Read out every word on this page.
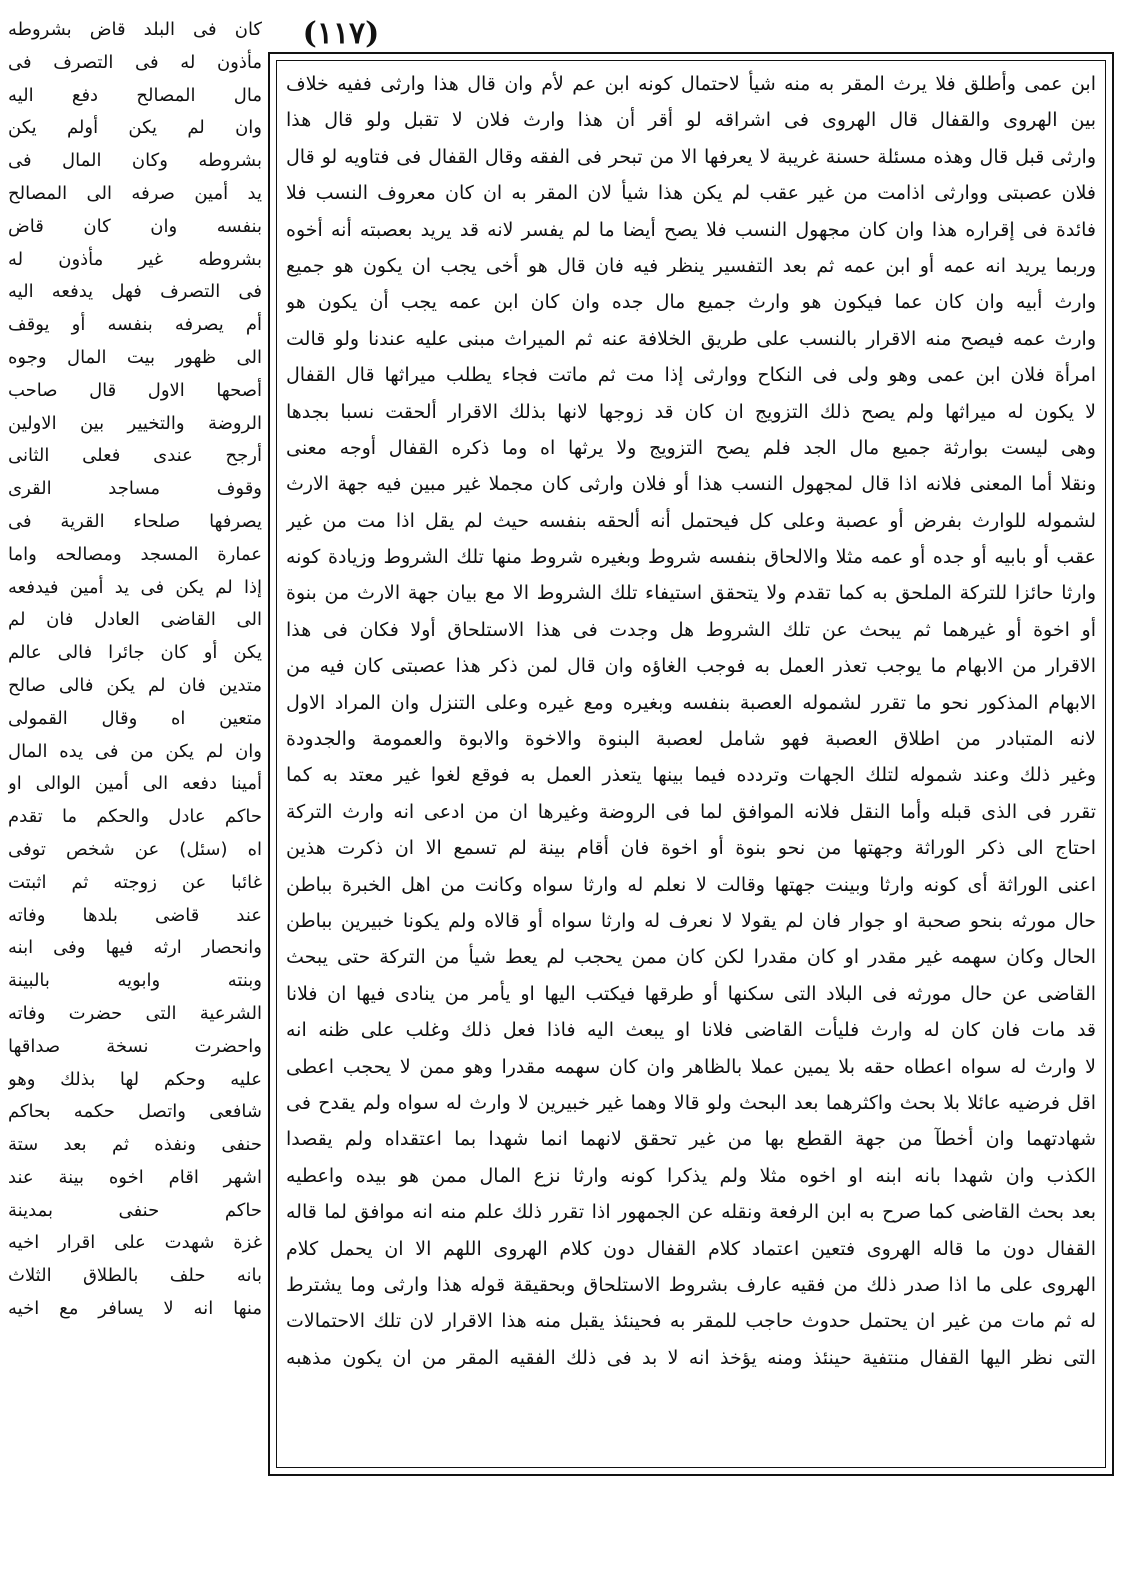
(١١٧)
ابن عمى وأطلق فلا يرث المقر به منه شيأ لاحتمال كونه ابن عم لأم وان قال هذا وارثى ففيه خلاف
بين الهروى والقفال قال الهروى فى اشراقه لو أقر أن هذا وارث فلان لا تقبل ولو قال هذا
وارثى قبل قال وهذه مسئلة حسنة غريبة لا يعرفها الا من تبحر فى الفقه وقال القفال فى فتاويه لو قال
فلان عصبتى ووارثى اذامت من غير عقب لم يكن هذا شيأ لان المقر به ان كان معروف النسب فلا
فائدة فى إقراره هذا وان كان مجهول النسب فلا يصح أيضا ما لم يفسر لانه قد يريد بعصبته أنه أخوه
وربما يريد انه عمه أو ابن عمه ثم بعد التفسير ينظر فيه فان قال هو أخى يجب ان يكون هو جميع
وارث أبيه وان كان عما فيكون هو وارث جميع مال جده وان كان ابن عمه يجب أن يكون هو
وارث عمه فيصح منه الاقرار بالنسب على طريق الخلافة عنه ثم الميراث مبنى عليه عندنا ولو قالت
امرأة فلان ابن عمى وهو ولى فى النكاح ووارثى إذا مت ثم ماتت فجاء يطلب ميراثها قال القفال
لا يكون له ميراثها ولم يصح ذلك التزويج ان كان قد زوجها لانها بذلك الاقرار ألحقت نسبا بجدها
وهى ليست بوارثة جميع مال الجد فلم يصح التزويج ولا يرثها اه وما ذكره القفال أوجه معنى
ونقلا أما المعنى فلانه اذا قال لمجهول النسب هذا أو فلان وارثى كان مجملا غير مبين فيه جهة الارث
لشموله للوارث بفرض أو عصبة وعلى كل فيحتمل أنه ألحقه بنفسه حيث لم يقل اذا مت من غير
عقب أو بابيه أو جده أو عمه مثلا والالحاق بنفسه شروط وبغيره شروط منها تلك الشروط وزيادة كونه
وارثا حائزا للتركة الملحق به كما تقدم ولا يتحقق استيفاء تلك الشروط الا مع بيان جهة الارث من بنوة
أو اخوة أو غيرهما ثم يبحث عن تلك الشروط هل وجدت فى هذا الاستلحاق أولا فكان فى هذا
الاقرار من الابهام ما يوجب تعذر العمل به فوجب الغاؤه وان قال لمن ذكر هذا عصبتى كان فيه من
الابهام المذكور نحو ما تقرر لشموله العصبة بنفسه وبغيره ومع غيره وعلى التنزل وان المراد الاول
لانه المتبادر من اطلاق العصبة فهو شامل لعصبة البنوة والاخوة والابوة والعمومة والجدودة
وغير ذلك وعند شموله لتلك الجهات وتردده فيما بينها يتعذر العمل به فوقع لغوا غير معتد به كما
تقرر فى الذى قبله وأما النقل فلانه الموافق لما فى الروضة وغيرها ان من ادعى انه وارث التركة
احتاج الى ذكر الوراثة وجهتها من نحو بنوة أو اخوة فان أقام بينة لم تسمع الا ان ذكرت هذين
اعنى الوراثة أى كونه وارثا وبينت جهتها وقالت لا نعلم له وارثا سواه وكانت من اهل الخبرة بباطن
حال مورثه بنحو صحبة او جوار فان لم يقولا لا نعرف له وارثا سواه أو قالاه ولم يكونا خبيرين بباطن
الحال وكان سهمه غير مقدر او كان مقدرا لكن كان ممن يحجب لم يعط شيأ من التركة حتى يبحث
القاضى عن حال مورثه فى البلاد التى سكنها أو طرقها فيكتب اليها او يأمر من ينادى فيها ان فلانا
قد مات فان كان له وارث فليأت القاضى فلانا او يبعث اليه فاذا فعل ذلك وغلب على ظنه انه
لا وارث له سواه اعطاه حقه بلا يمين عملا بالظاهر وان كان سهمه مقدرا وهو ممن لا يحجب اعطى
اقل فرضيه عائلا بلا بحث واكثرهما بعد البحث ولو قالا وهما غير خبيرين لا وارث له سواه ولم يقدح فى
شهادتهما وان أخطآ من جهة القطع بها من غير تحقق لانهما انما شهدا بما اعتقداه ولم يقصدا
الكذب وان شهدا بانه ابنه او اخوه مثلا ولم يذكرا كونه وارثا نزع المال ممن هو بيده واعطيه
بعد بحث القاضى كما صرح به ابن الرفعة ونقله عن الجمهور اذا تقرر ذلك علم منه انه موافق لما قاله
القفال دون ما قاله الهروى فتعين اعتماد كلام القفال دون كلام الهروى اللهم الا ان يحمل كلام
الهروى على ما اذا صدر ذلك من فقيه عارف بشروط الاستلحاق وبحقيقة قوله هذا وارثى وما يشترط
له ثم مات من غير ان يحتمل حدوث حاجب للمقر به فحينئذ يقبل منه هذا الاقرار لان تلك الاحتمالات
التى نظر اليها القفال منتفية حينئذ ومنه يؤخذ انه لا بد فى ذلك الفقيه المقر من ان يكون مذهبه
كان فى البلد قاض بشروطه
مأذون له فى التصرف فى
مال المصالح دفع اليه
وان لم يكن أولم يكن
بشروطه وكان المال فى
يد أمين صرفه الى المصالح
بنفسه وان كان قاض
بشروطه غير مأذون له
فى التصرف فهل يدفعه اليه
أم يصرفه بنفسه أو يوقف
الى ظهور بيت المال وجوه
أصحها الاول قال صاحب
الروضة والتخيير بين الاولين
أرجح عندى فعلى الثانى
وقوف مساجد القرى
يصرفها صلحاء القرية فى
عمارة المسجد ومصالحه واما
إذا لم يكن فى يد أمين فيدفعه
الى القاضى العادل فان لم
يكن أو كان جائرا فالى عالم
متدين فان لم يكن فالى صالح
متعين اه وقال القمولى
وان لم يكن من فى يده المال
أمينا دفعه الى أمين الوالى او
حاكم عادل والحكم ما تقدم
اه (سئل) عن شخص توفى
غائبا عن زوجته ثم اثبتت
عند قاضى بلدها وفاته
وانحصار ارثه فيها وفى ابنه
وبنته وابويه بالبينة
الشرعية التى حضرت وفاته
واحضرت نسخة صداقها
عليه وحكم لها بذلك وهو
شافعى واتصل حكمه بحاكم
حنفى ونفذه ثم بعد ستة
اشهر اقام اخوه بينة عند
حاكم حنفى بمدينة
غزة شهدت على اقرار اخيه
بانه حلف بالطلاق الثلاث
منها انه لا يسافر مع اخيه
